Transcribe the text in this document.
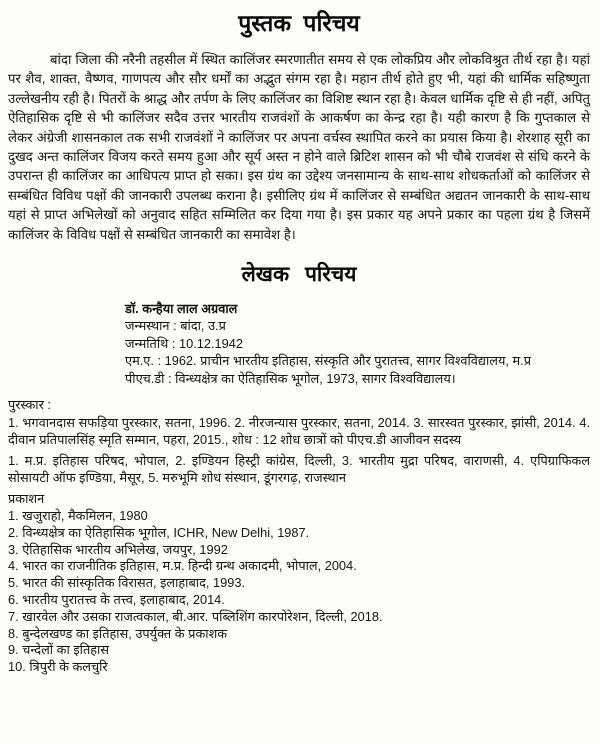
पुस्तक परिचय

बांदा जिला की नरैनी तहसील में स्थित कालिंजर स्मरणातीत समय से एक लोकप्रिय और लोकविश्रुत तीर्थ रहा है। यहां पर शैव, शाक्त, वैष्णव, गाणपत्य और सौर धर्मों का अद्भुत संगम रहा है। महान तीर्थ होते हुए भी, यहां की धार्मिक सहिष्णुता उल्लेखनीय रही है। पितरों के श्राद्ध और तर्पण के लिए कालिंजर का विशिष्ट स्थान रहा है। केवल धार्मिक दृष्टि से ही नहीं, अपितु ऐतिहासिक दृष्टि से भी कालिंजर सदैव उत्तर भारतीय राजवंशों के आकर्षण का केन्द्र रहा है। यही कारण है कि गुप्तकाल से लेकर अंग्रेजी शासनकाल तक सभी राजवंशों ने कालिंजर पर अपना वर्चस्व स्थापित करने का प्रयास किया है। शेरशाह सूरी का दुखद अन्त कालिंजर विजय करते समय हुआ और सूर्य अस्त न होने वाले ब्रिटिश शासन को भी चौबे राजवंश से संधि करने के उपरान्त ही कालिंजर का आधिपत्य प्राप्त हो सका। इस ग्रंथ का उद्देश्य जनसामान्य के साथ-साथ शोधकर्ताओं को कालिंजर से सम्बंधित विविध पक्षों की जानकारी उपलब्ध कराना है। इसीलिए ग्रंथ में कालिंजर से सम्बंधित अद्यतन जानकारी के साथ-साथ यहां से प्राप्त अभिलेखों को अनुवाद सहित सम्मिलित कर दिया गया है। इस प्रकार यह अपने प्रकार का पहला ग्रंथ है जिसमें कालिंजर के विविध पक्षों से सम्बंधित जानकारी का समावेश है।

लेखक परिचय
डॉ. कन्हैया लाल अग्रवाल
जन्मस्थान : बांदा, उ.प्र
जन्मतिथि : 10.12.1942
एम.ए. : 1962. प्राचीन भारतीय इतिहास, संस्कृति और पुरातत्त्व, सागर विश्वविद्यालय, म.प्र
पीएच.डी : विन्ध्यक्षेत्र का ऐतिहासिक भूगोल, 1973, सागर विश्वविद्यालय।
पुरस्कार :

1. भगवानदास सफड़िया पुरस्कार, सतना, 1996. 2. नीरजन्यास पुरस्कार, सतना, 2014. 3. सारस्वत पुरस्कार, झांसी, 2014. 4. दीवान प्रतिपालसिंह स्मृति सम्मान, पहरा, 2015., शोध : 12 शोध छात्रों को पीएच.डी आजीवन सदस्य

1. म.प्र. इतिहास परिषद, भोपाल, 2. इण्डियन हिस्ट्री कांग्रेस, दिल्ली, 3. भारतीय मुद्रा परिषद, वाराणसी, 4. एपिग्राफिकल सोसायटी ऑफ इण्डिया, मैसूर, 5. मरुभूमि शोध संस्थान, डूंगरगढ़, राजस्थान

प्रकाशन
1. खजुराहो, मैकमिलन, 1980
2. विन्ध्यक्षेत्र का ऐतिहासिक भूगोल, ICHR, New Delhi, 1987.
3. ऐतिहासिक भारतीय अभिलेख, जयपुर, 1992
4. भारत का राजनीतिक इतिहास, म.प्र. हिन्दी ग्रन्थ अकादमी, भोपाल, 2004.
5. भारत की सांस्कृतिक विरासत, इलाहाबाद, 1993.
6. भारतीय पुरातत्त्व के तत्त्व, इलाहाबाद, 2014.
7. खारवेल और उसका राजत्वकाल, बी.आर. पब्लिशिंग कारपोरेशन, दिल्ली, 2018.
8. बुन्देलखण्ड का इतिहास, उपर्युक्त के प्रकाशक
9. चन्देलों का इतिहास
10. त्रिपुरी के कलचुरि
